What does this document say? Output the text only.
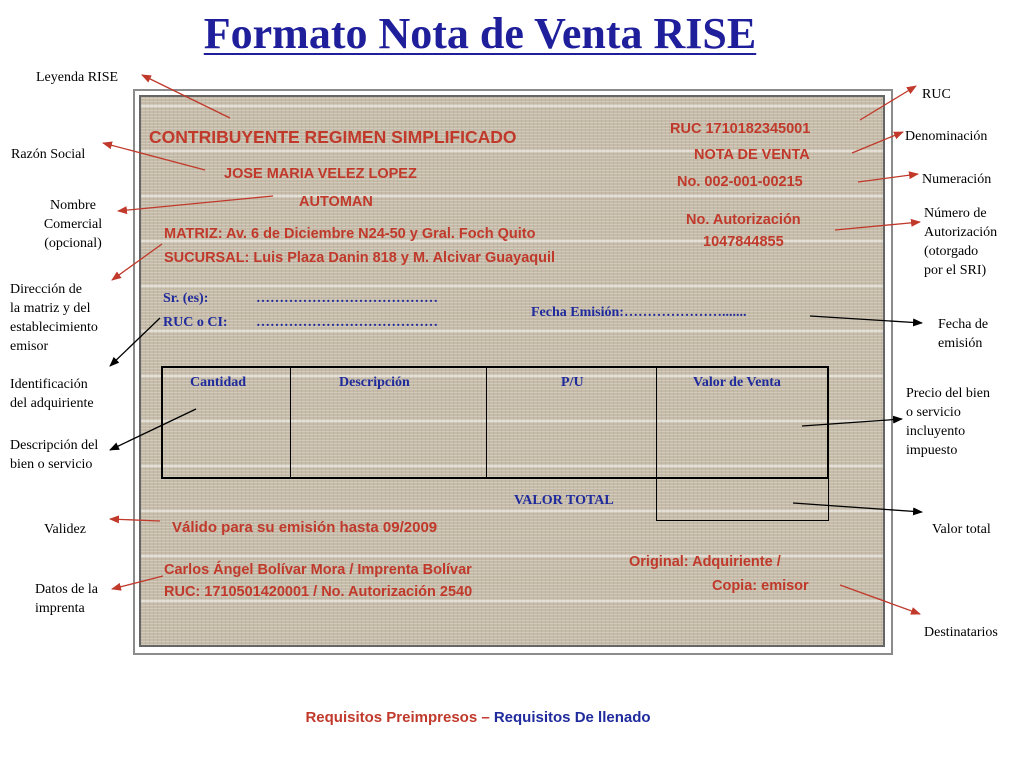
Formato Nota de Venta RISE
CONTRIBUYENTE REGIMEN SIMPLIFICADO
JOSE MARIA VELEZ LOPEZ
AUTOMAN
MATRIZ: Av. 6 de Diciembre N24-50 y Gral. Foch Quito
SUCURSAL: Luis Plaza Danin 818 y M. Alcivar Guayaquil
RUC 1710182345001
NOTA DE VENTA
No. 002-001-00215
No. Autorización
1047844855
Sr. (es):	…………………………………
RUC o CI: …………………………………
Fecha Emisión:………………….......
Cantidad	Descripción	P/U	Valor de Venta
VALOR TOTAL
Válido para su emisión hasta 09/2009
Carlos Ángel Bolívar Mora / Imprenta Bolívar
RUC: 1710501420001 / No. Autorización 2540
Original: Adquiriente /
Copia: emisor
Leyenda RISE
Razón Social
Nombre
Comercial
(opcional)
Dirección de
la matriz y del
establecimiento
emisor
Identificación
del adquiriente
Descripción del
bien o servicio
Validez
Datos de la
imprenta
RUC
Denominación
Numeración
Número de
Autorización
(otorgado
por el SRI)
Fecha de
emisión
Precio del bien
o servicio
incluyento
impuesto
Valor total
Destinatarios
Requisitos Preimpresos – Requisitos De llenado
